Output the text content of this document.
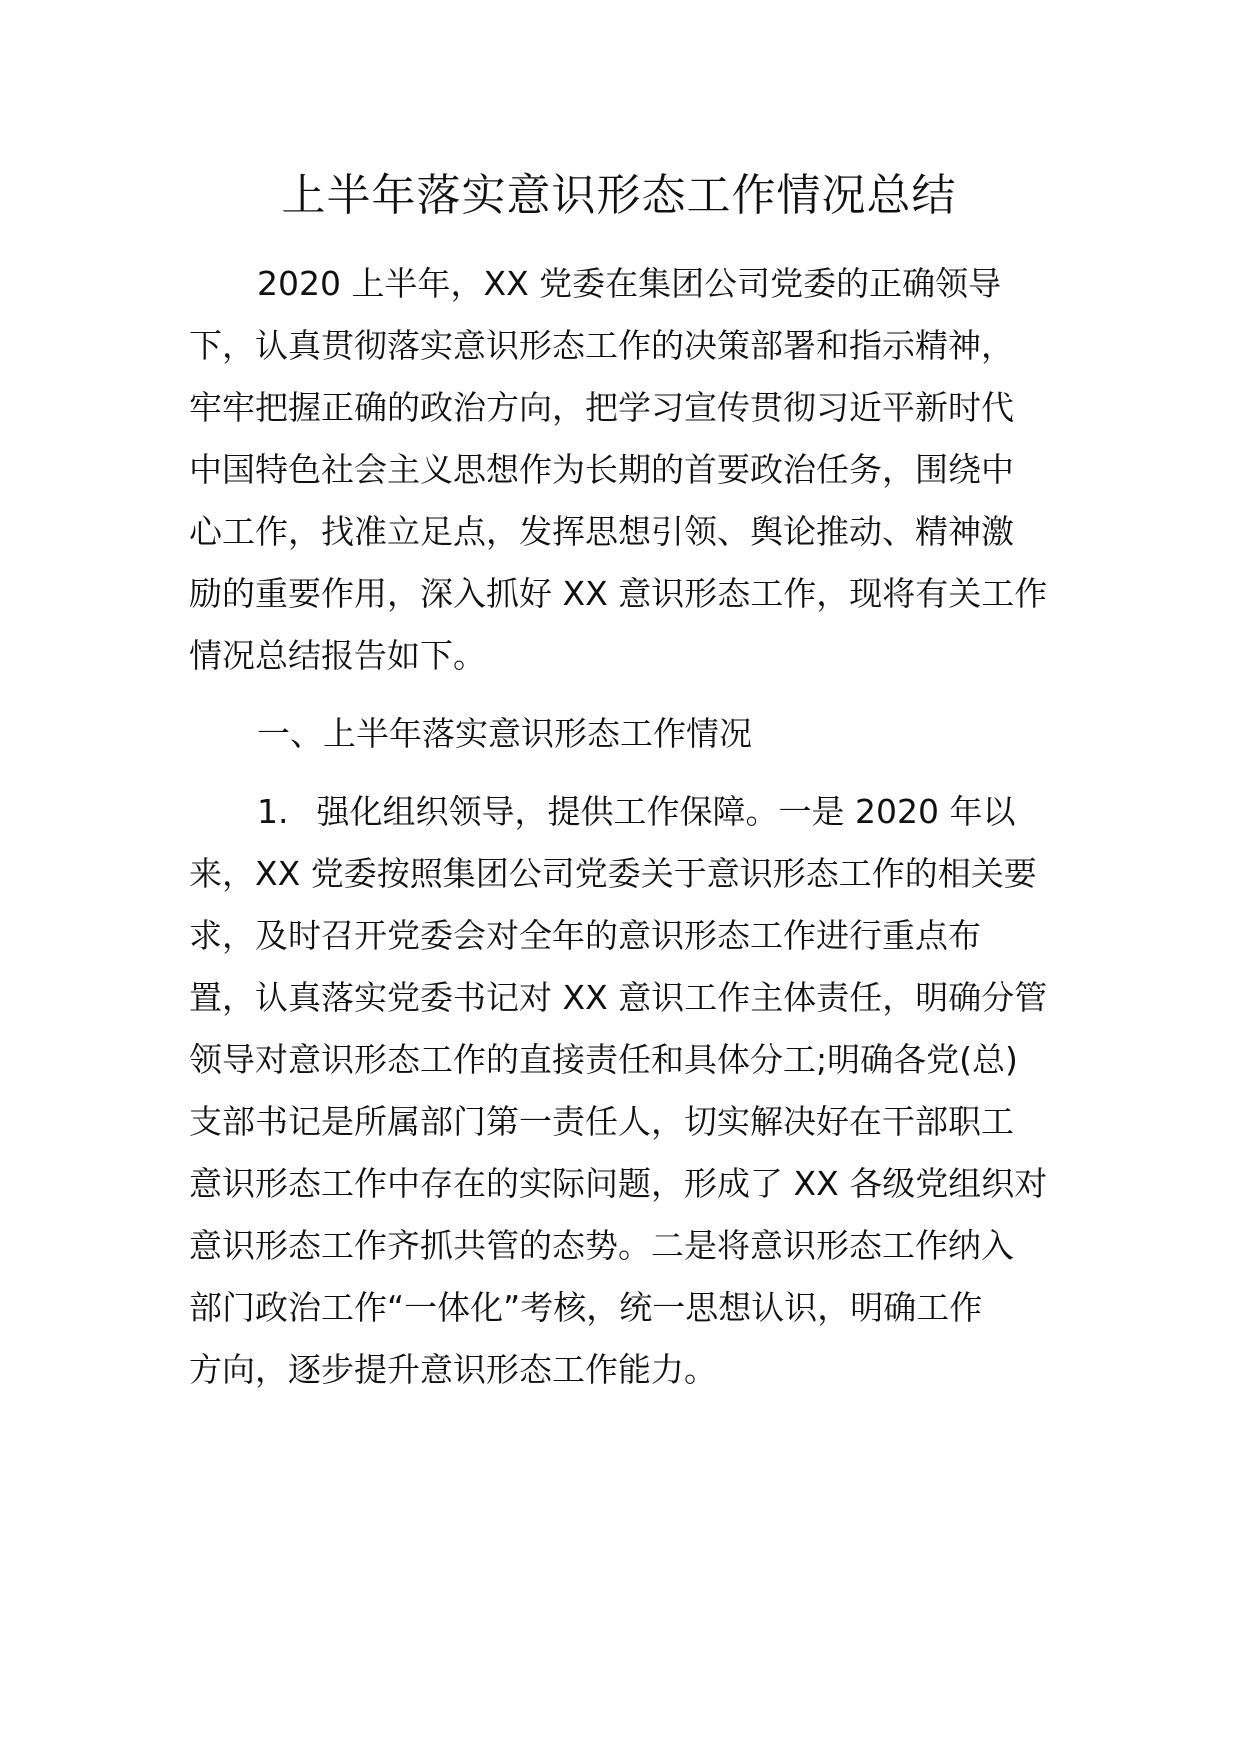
上半年落实意识形态工作情况总结
2020 上半年，XX 党委在集团公司党委的正确领导
下，认真贯彻落实意识形态工作的决策部署和指示精神，
牢牢把握正确的政治方向，把学习宣传贯彻习近平新时代
中国特色社会主义思想作为长期的首要政治任务，围绕中
心工作，找准立足点，发挥思想引领、舆论推动、精神激
励的重要作用，深入抓好 XX 意识形态工作，现将有关工作
情况总结报告如下。
一、上半年落实意识形态工作情况
1. 强化组织领导，提供工作保障。一是 2020 年以
来，XX 党委按照集团公司党委关于意识形态工作的相关要
求，及时召开党委会对全年的意识形态工作进行重点布
置，认真落实党委书记对 XX 意识工作主体责任，明确分管
领导对意识形态工作的直接责任和具体分工;明确各党(总)
支部书记是所属部门第一责任人，切实解决好在干部职工
意识形态工作中存在的实际问题，形成了 XX 各级党组织对
意识形态工作齐抓共管的态势。二是将意识形态工作纳入
部门政治工作“一体化”考核，统一思想认识，明确工作
方向，逐步提升意识形态工作能力。
